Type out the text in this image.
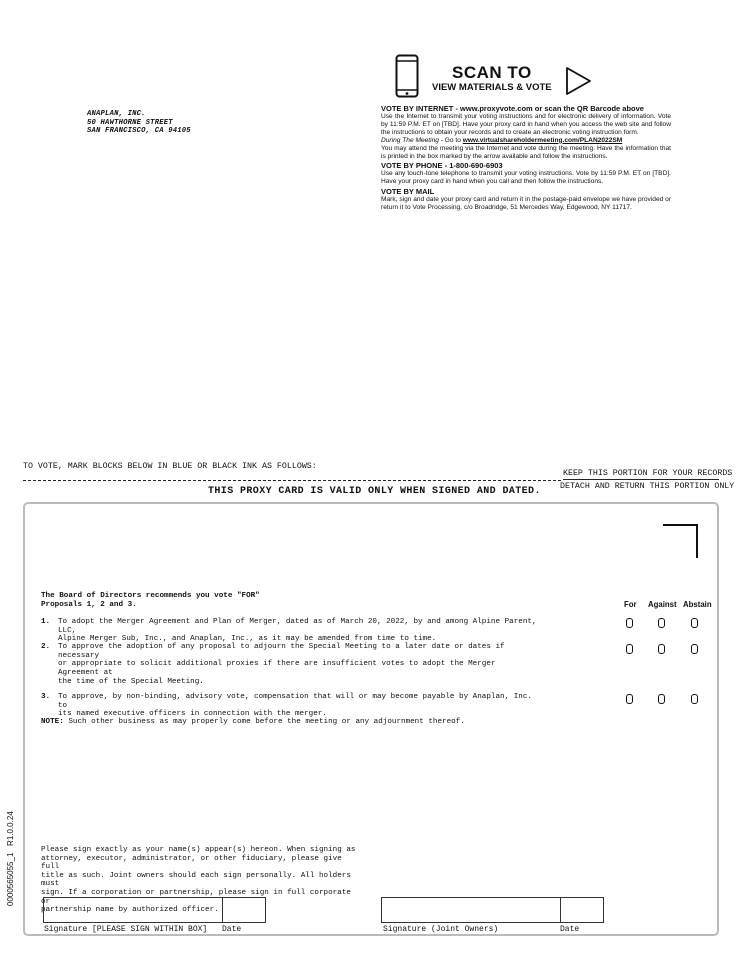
ANAPLAN, INC.
50 HAWTHORNE STREET
SAN FRANCISCO, CA 94105
SCAN TO
VIEW MATERIALS & VOTE

VOTE BY INTERNET - www.proxyvote.com or scan the QR Barcode above

Use the Internet to transmit your voting instructions and for electronic delivery of information. Vote by 11:59 P.M. ET on [TBD]. Have your proxy card in hand when you access the web site and follow the instructions to obtain your records and to create an electronic voting instruction form.

During The Meeting - Go to www.virtualshareholdermeeting.com/PLAN2022SM

You may attend the meeting via the Internet and vote during the meeting. Have the information that is printed in the box marked by the arrow available and follow the instructions.

VOTE BY PHONE - 1-800-690-6903

Use any touch-tone telephone to transmit your voting instructions. Vote by 11:59 P.M. ET on [TBD]. Have your proxy card in hand when you call and then follow the instructions.

VOTE BY MAIL

Mark, sign and date your proxy card and return it in the postage-paid envelope we have provided or return it to Vote Processing, c/o Broadridge, 51 Mercedes Way, Edgewood, NY 11717.

TO VOTE, MARK BLOCKS BELOW IN BLUE OR BLACK INK AS FOLLOWS:
KEEP THIS PORTION FOR YOUR RECORDS
DETACH AND RETURN THIS PORTION ONLY
THIS PROXY CARD IS VALID ONLY WHEN SIGNED AND DATED.
The Board of Directors recommends you vote "FOR"
Proposals 1, 2 and 3.	For Against Abstain
1. To adopt the Merger Agreement and Plan of Merger, dated as of March 20, 2022, by and among Alpine Parent, LLC,
Alpine Merger Sub, Inc., and Anaplan, Inc., as it may be amended from time to time.
2. To approve the adoption of any proposal to adjourn the Special Meeting to a later date or dates if necessary
or appropriate to solicit additional proxies if there are insufficient votes to adopt the Merger Agreement at
the time of the Special Meeting.
3. To approve, by non-binding, advisory vote, compensation that will or may become payable by Anaplan, Inc. to
its named executive officers in connection with the merger.
NOTE: Such other business as may properly come before the meeting or any adjournment thereof.
Please sign exactly as your name(s) appear(s) hereon. When signing as
attorney, executor, administrator, or other fiduciary, please give full
title as such. Joint owners should each sign personally. All holders must
sign. If a corporation or partnership, please sign in full corporate or
partnership name by authorized officer.
Signature [PLEASE SIGN WITHIN BOX] Date	Signature (Joint Owners)	Date
0000565055_1   R1.0.0.24
